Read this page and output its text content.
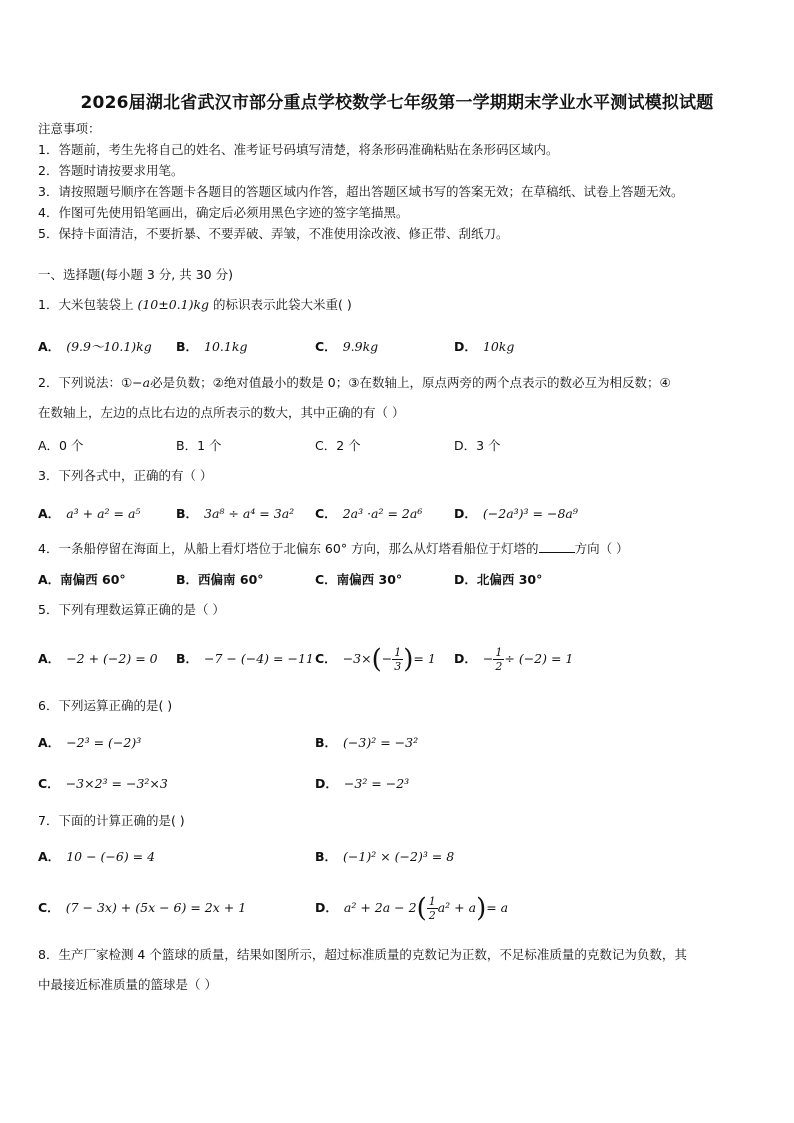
2026届湖北省武汉市部分重点学校数学七年级第一学期期末学业水平测试模拟试题
注意事项：
1．答题前，考生先将自己的姓名、准考证号码填写清楚，将条形码准确粘贴在条形码区域内。
2．答题时请按要求用笔。
3．请按照题号顺序在答题卡各题目的答题区域内作答，超出答题区域书写的答案无效；在草稿纸、试卷上答题无效。
4．作图可先使用铅笔画出，确定后必须用黑色字迹的签字笔描黑。
5．保持卡面清洁，不要折暴、不要弄破、弄皱，不准使用涂改液、修正带、刮纸刀。
一、选择题(每小题 3 分, 共 30 分)
1．大米包装袋上 (10±0.1)kg 的标识表示此袋大米重( )
A． (9.9～10.1)kg B． 10.1kg	C． 9.9kg	D． 10kg
2．下列说法：①−a必是负数；②绝对值最小的数是 0；③在数轴上，原点两旁的两个点表示的数必互为相反数；④
在数轴上，左边的点比右边的点所表示的数大，其中正确的有（ ）
A．0 个	B．1 个	C．2 个	D．3 个
3．下列各式中，正确的有（ ）
A． a³ + a² = a⁵	B． 3a⁸ ÷ a⁴ = 3a² C． 2a³ ·a² = 2a⁶	D． (−2a³)³ = −8a⁹
4．一条船停留在海面上，从船上看灯塔位于北偏东 60° 方向，那么从灯塔看船位于灯塔的	方向（ ）
A．南偏西 60°	B．西偏南 60°	C．南偏西 30°	D．北偏西 30°
5．下列有理数运算正确的是（ ）
A． −2 + (−2) = 0 B． −7 − (−4) = −11 C． $-3\times(- \frac{1}{3}$ )= 1 D． − $\frac{1}{2} \div (-2) = 1$
6．下列运算正确的是( )
A． −2³ = (−2)³	B． (−3)² = −3²
C． −3×2³ = −3²×3	D． −3² = −2³
7．下面的计算正确的是( )
A． 10 − (−6) = 4	B． (−1)² × (−2)³ = 8
C． (7 − 3x) + (5x − 6) = 2x + 1	D． $a^2 + 2a - 2( \frac{1}{2} a^2 + a)= a$
8．生产厂家检测 4 个篮球的质量，结果如图所示，超过标准质量的克数记为正数，不足标准质量的克数记为负数，其
中最接近标准质量的篮球是（ ）
